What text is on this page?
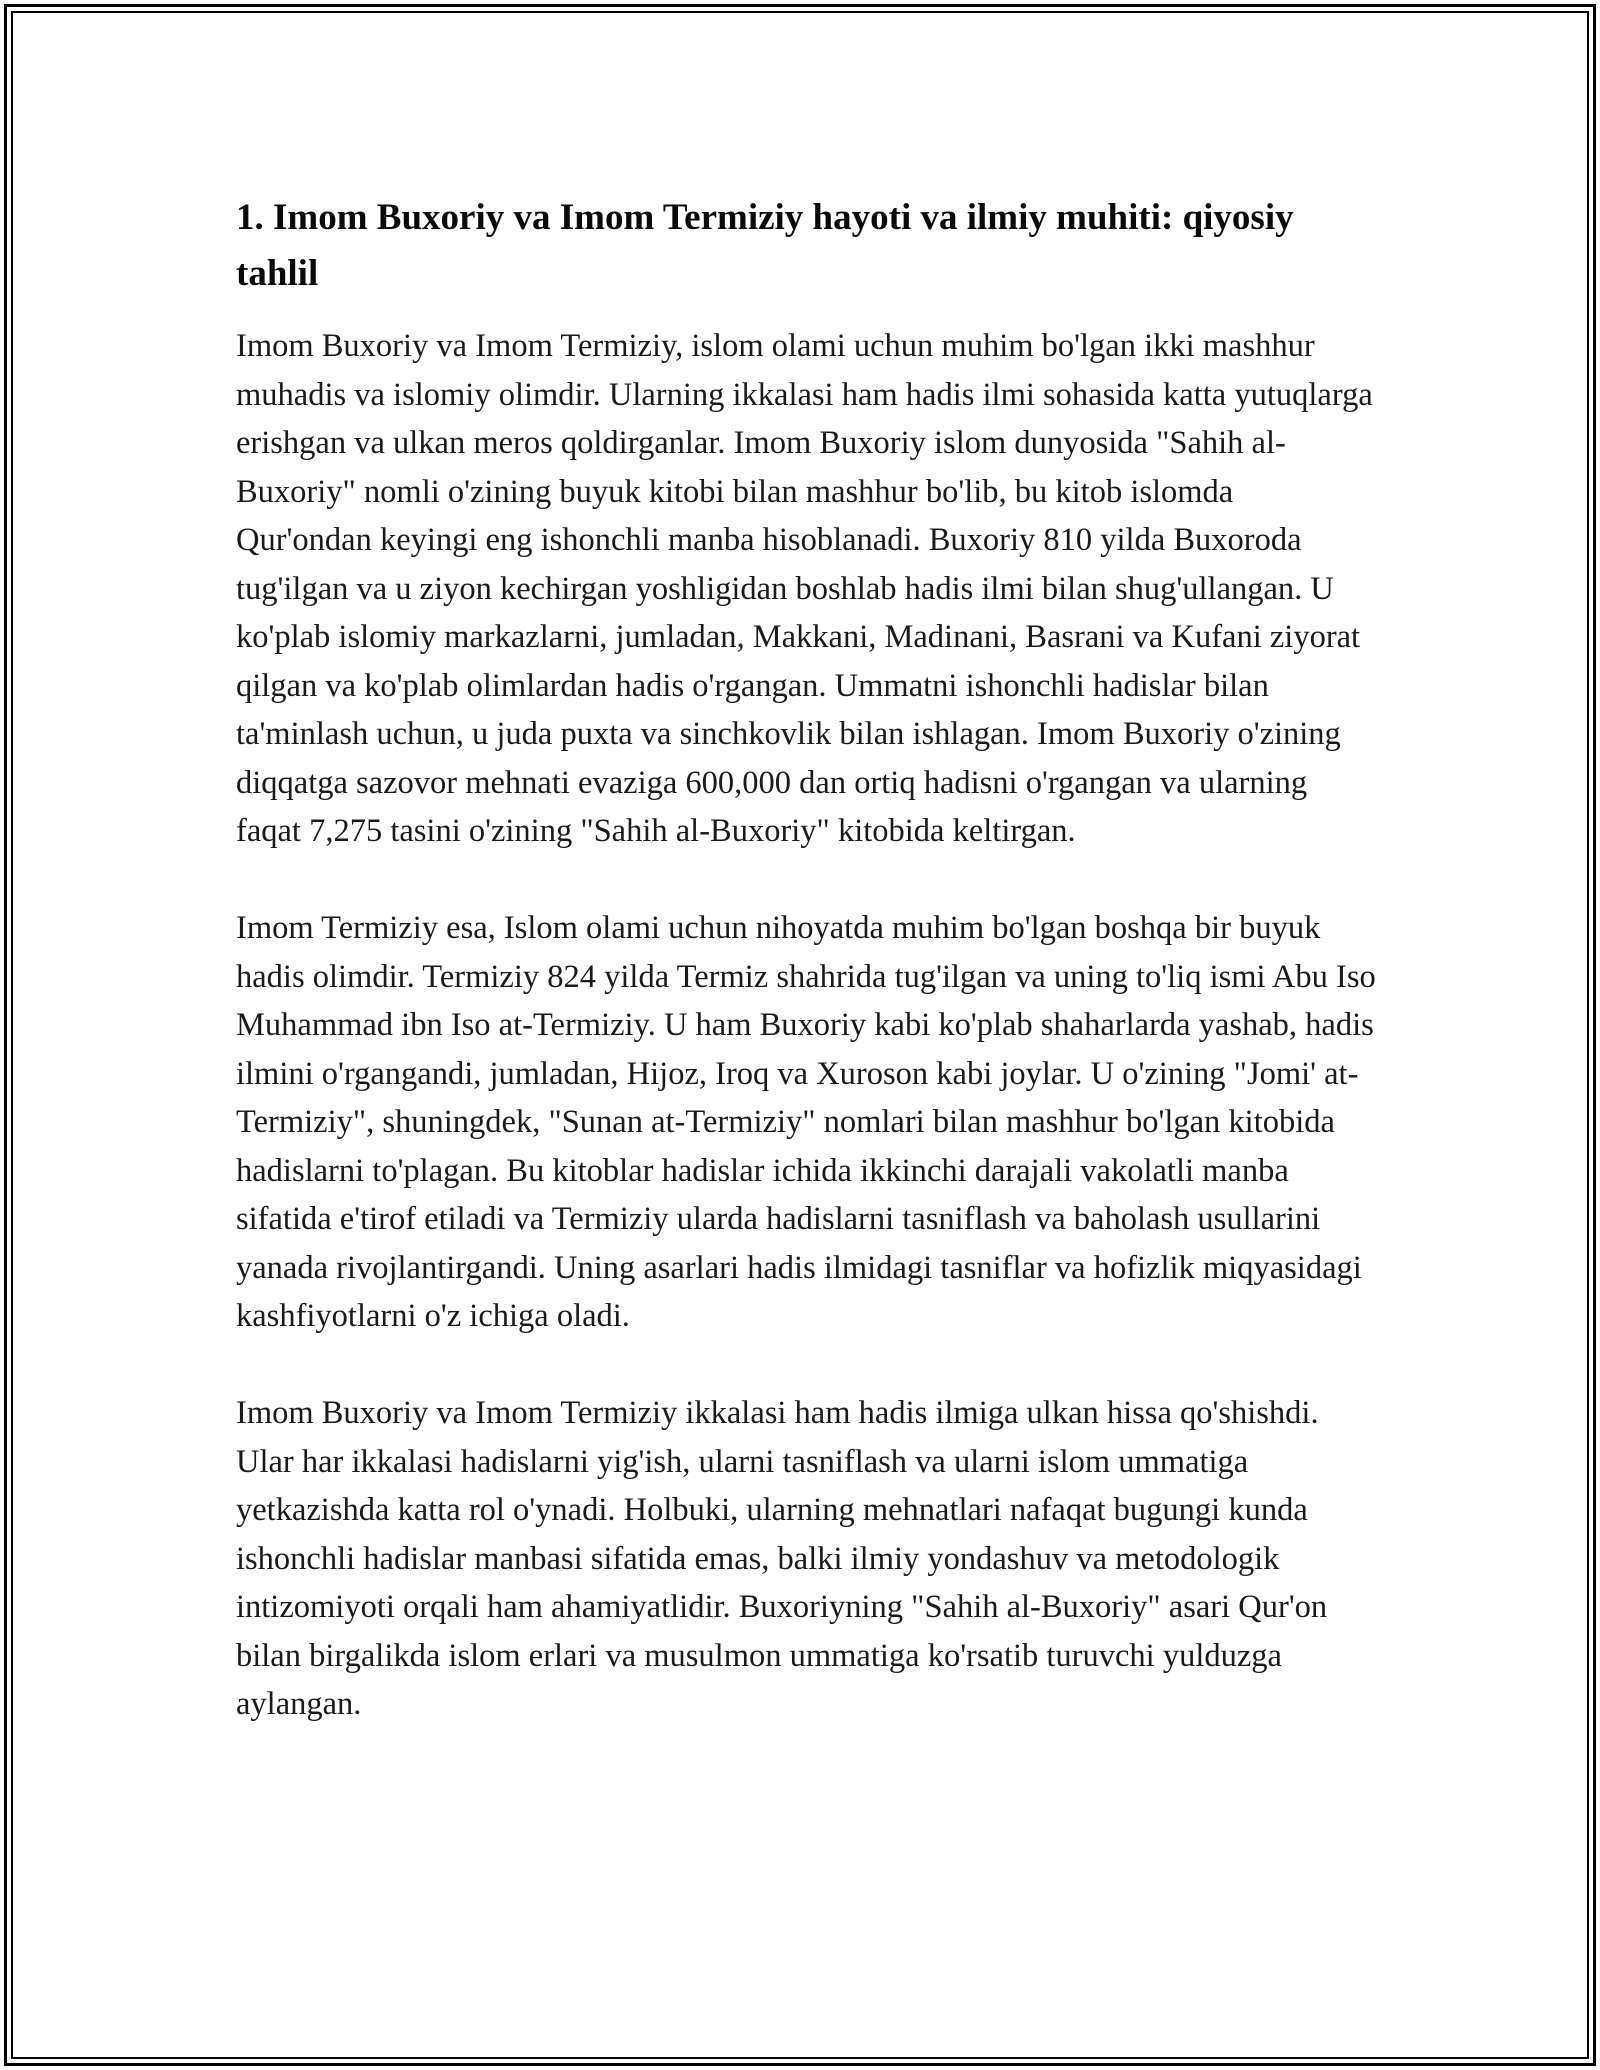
1. Imom Buxoriy va Imom Termiziy hayoti va ilmiy muhiti: qiyosiy tahlil

Imom Buxoriy va Imom Termiziy, islom olami uchun muhim bo'lgan ikki mashhur muhadis va islomiy olimdir. Ularning ikkalasi ham hadis ilmi sohasida katta yutuqlarga erishgan va ulkan meros qoldirganlar. Imom Buxoriy islom dunyosida "Sahih al-Buxoriy" nomli o'zining buyuk kitobi bilan mashhur bo'lib, bu kitob islomda Qur'ondan keyingi eng ishonchli manba hisoblanadi. Buxoriy 810 yilda Buxoroda tug'ilgan va u ziyon kechirgan yoshligidan boshlab hadis ilmi bilan shug'ullangan. U ko'plab islomiy markazlarni, jumladan, Makkani, Madinani, Basrani va Kufani ziyorat qilgan va ko'plab olimlardan hadis o'rgangan. Ummatni ishonchli hadislar bilan ta'minlash uchun, u juda puxta va sinchkovlik bilan ishlagan. Imom Buxoriy o'zining diqqatga sazovor mehnati evaziga 600,000 dan ortiq hadisni o'rgangan va ularning faqat 7,275 tasini o'zining "Sahih al-Buxoriy" kitobida keltirgan.

Imom Termiziy esa, Islom olami uchun nihoyatda muhim bo'lgan boshqa bir buyuk hadis olimdir. Termiziy 824 yilda Termiz shahrida tug'ilgan va uning to'liq ismi Abu Iso Muhammad ibn Iso at-Termiziy. U ham Buxoriy kabi ko'plab shaharlarda yashab, hadis ilmini o'rgangandi, jumladan, Hijoz, Iroq va Xuroson kabi joylar. U o'zining "Jomi' at-Termiziy", shuningdek, "Sunan at-Termiziy" nomlari bilan mashhur bo'lgan kitobida hadislarni to'plagan. Bu kitoblar hadislar ichida ikkinchi darajali vakolatli manba sifatida e'tirof etiladi va Termiziy ularda hadislarni tasniflash va baholash usullarini yanada rivojlantirgandi. Uning asarlari hadis ilmidagi tasniflar va hofizlik miqyasidagi kashfiyotlarni o'z ichiga oladi.

Imom Buxoriy va Imom Termiziy ikkalasi ham hadis ilmiga ulkan hissa qo'shishdi. Ular har ikkalasi hadislarni yig'ish, ularni tasniflash va ularni islom ummatiga yetkazishda katta rol o'ynadi. Holbuki, ularning mehnatlari nafaqat bugungi kunda ishonchli hadislar manbasi sifatida emas, balki ilmiy yondashuv va metodologik intizomiyoti orqali ham ahamiyatlidir. Buxoriyning "Sahih al-Buxoriy" asari Qur'on bilan birgalikda islom erlari va musulmon ummatiga ko'rsatib turuvchi yulduzga aylangan.
